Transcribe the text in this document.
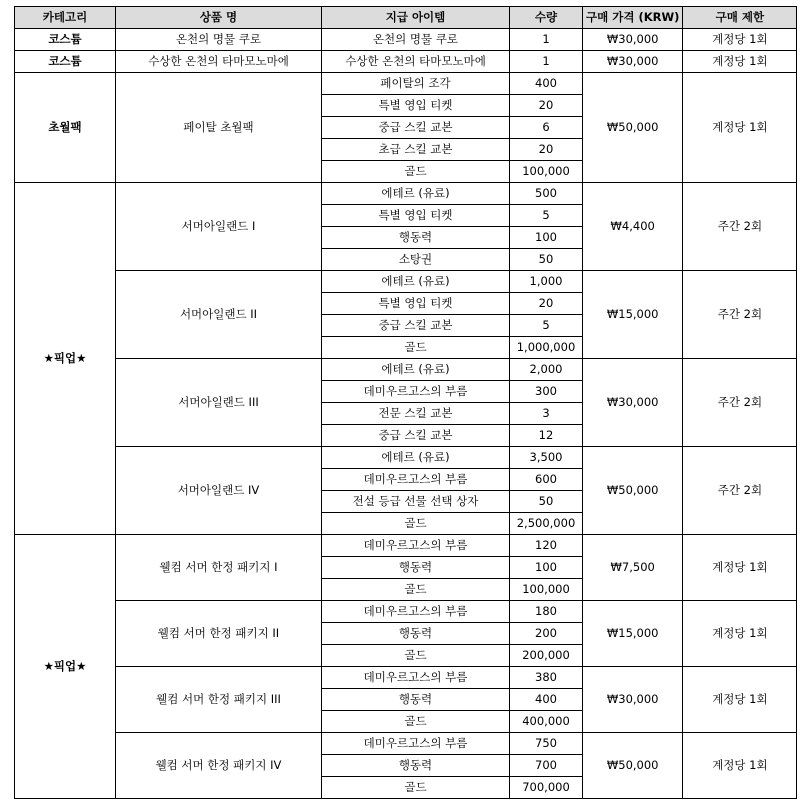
카테고리	상품 명	지급 아이템	수량	구매 가격 (KRW)	구매 제한
코스튬	온천의 명물 쿠로	온천의 명물 쿠로	1	₩30,000	계정당 1회
코스튬	수상한 온천의 타마모노마에	수상한 온천의 타마모노마에	1	₩30,000	계정당 1회
초월팩	페이탈 초월팩	페이탈의 조각	400	₩50,000	계정당 1회
		특별 영입 티켓	20		
		중급 스킬 교본	6		
		초급 스킬 교본	20		
		골드	100,000		
★픽업★	서머아일랜드 I	에테르 (유료)	500	₩4,400	주간 2회
		특별 영입 티켓	5		
		행동력	100		
		소탕권	50		
	서머아일랜드 II	에테르 (유료)	1,000	₩15,000	주간 2회
		특별 영입 티켓	20		
		중급 스킬 교본	5		
		골드	1,000,000		
	서머아일랜드 III	에테르 (유료)	2,000	₩30,000	주간 2회
		데미우르고스의 부름	300		
		전문 스킬 교본	3		
		중급 스킬 교본	12		
	서머아일랜드 IV	에테르 (유료)	3,500	₩50,000	주간 2회
		데미우르고스의 부름	600		
		전설 등급 선물 선택 상자	50		
		골드	2,500,000		
★픽업★	웰컴 서머 한정 패키지 I	데미우르고스의 부름	120	₩7,500	계정당 1회
		행동력	100		
		골드	100,000		
	웰컴 서머 한정 패키지 II	데미우르고스의 부름	180	₩15,000	계정당 1회
		행동력	200		
		골드	200,000		
	웰컴 서머 한정 패키지 III	데미우르고스의 부름	380	₩30,000	계정당 1회
		행동력	400		
		골드	400,000		
	웰컴 서머 한정 패키지 IV	데미우르고스의 부름	750	₩50,000	계정당 1회
		행동력	700		
		골드	700,000		
